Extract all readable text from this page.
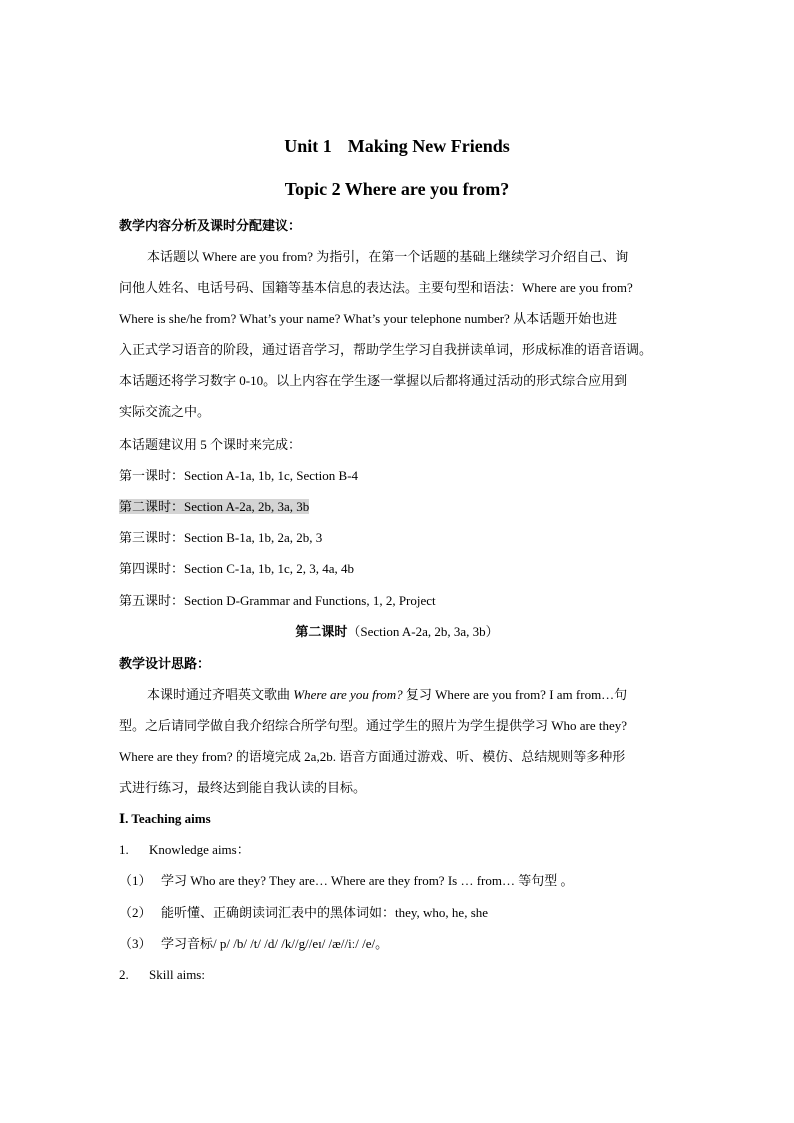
Unit 1 Making New Friends
Topic 2 Where are you from?
教学内容分析及课时分配建议：
本话题以 Where are you from? 为指引，在第一个话题的基础上继续学习介绍自己、询
问他人姓名、电话号码、国籍等基本信息的表达法。主要句型和语法：Where are you from?
Where is she/he from? What’s your name? What’s your telephone number? 从本话题开始也进
入正式学习语音的阶段，通过语音学习，帮助学生学习自我拼读单词，形成标准的语音语调。
本话题还将学习数字 0-10。以上内容在学生逐一掌握以后都将通过活动的形式综合应用到
实际交流之中。
本话题建议用 5 个课时来完成：
第一课时：Section A-1a, 1b, 1c, Section B-4
第二课时：Section A-2a, 2b, 3a, 3b
第三课时：Section B-1a, 1b, 2a, 2b, 3
第四课时：Section C-1a, 1b, 1c, 2, 3, 4a, 4b
第五课时：Section D-Grammar and Functions, 1, 2, Project
第二课时（Section A-2a, 2b, 3a, 3b）
教学设计思路：
本课时通过齐唱英文歌曲 Where are you from? 复习 Where are you from? I am from…句
型。之后请同学做自我介绍综合所学句型。通过学生的照片为学生提供学习 Who are they?
Where are they from? 的语境完成 2a,2b. 语音方面通过游戏、听、模仿、总结规则等多种形
式进行练习，最终达到能自我认读的目标。
Ⅰ. Teaching aims
1. Knowledge aims：
（1） 学习 Who are they? They are… Where are they from? Is … from… 等句型 。
（2） 能听懂、正确朗读词汇表中的黑体词如：they, who, he, she
（3） 学习音标/ p/ /b/ /t/ /d/ /k//g//eɪ/ /æ//iː/ /e/。
2. Skill aims:
